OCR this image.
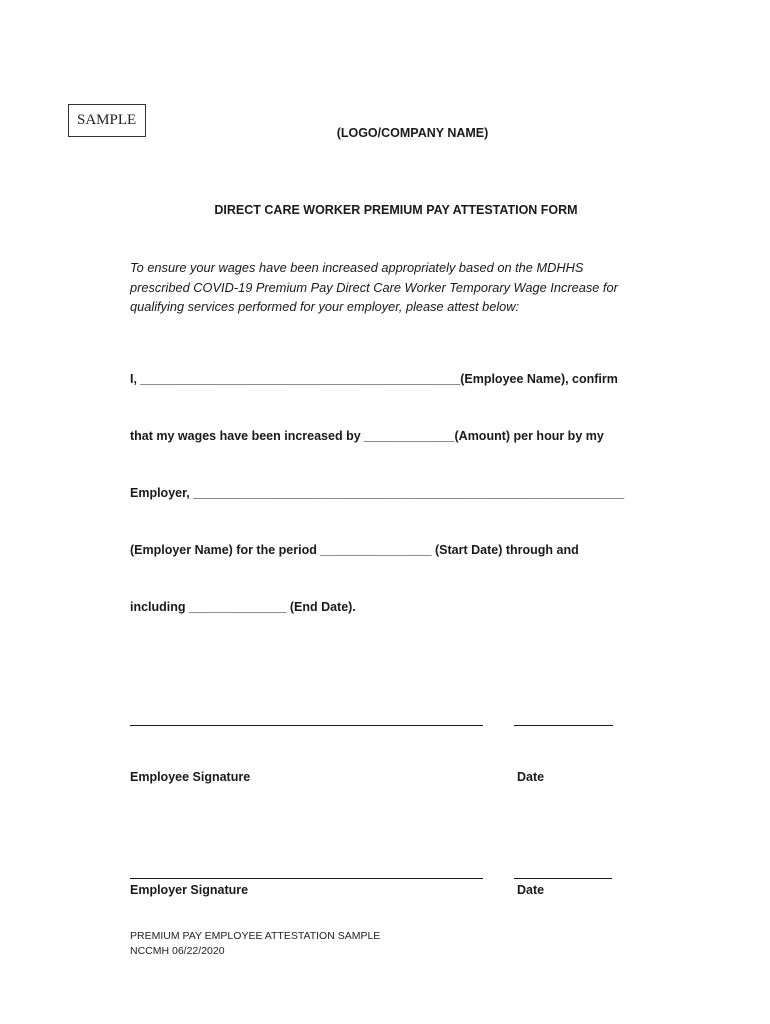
SAMPLE
(LOGO/COMPANY NAME)
DIRECT CARE WORKER PREMIUM PAY ATTESTATION FORM
To ensure your wages have been increased appropriately based on the MDHHS
prescribed COVID-19 Premium Pay Direct Care Worker Temporary Wage Increase for
qualifying services performed for your employer, please attest below:
I, ______________________________________________(Employee Name), confirm
that my wages have been increased by _____________(Amount) per hour by my
Employer, ______________________________________________________________
(Employer Name) for the period ________________ (Start Date) through and
including ______________ (End Date).
Employee Signature	Date
Employer Signature	Date
PREMIUM PAY EMPLOYEE ATTESTATION SAMPLE
NCCMH 06/22/2020
